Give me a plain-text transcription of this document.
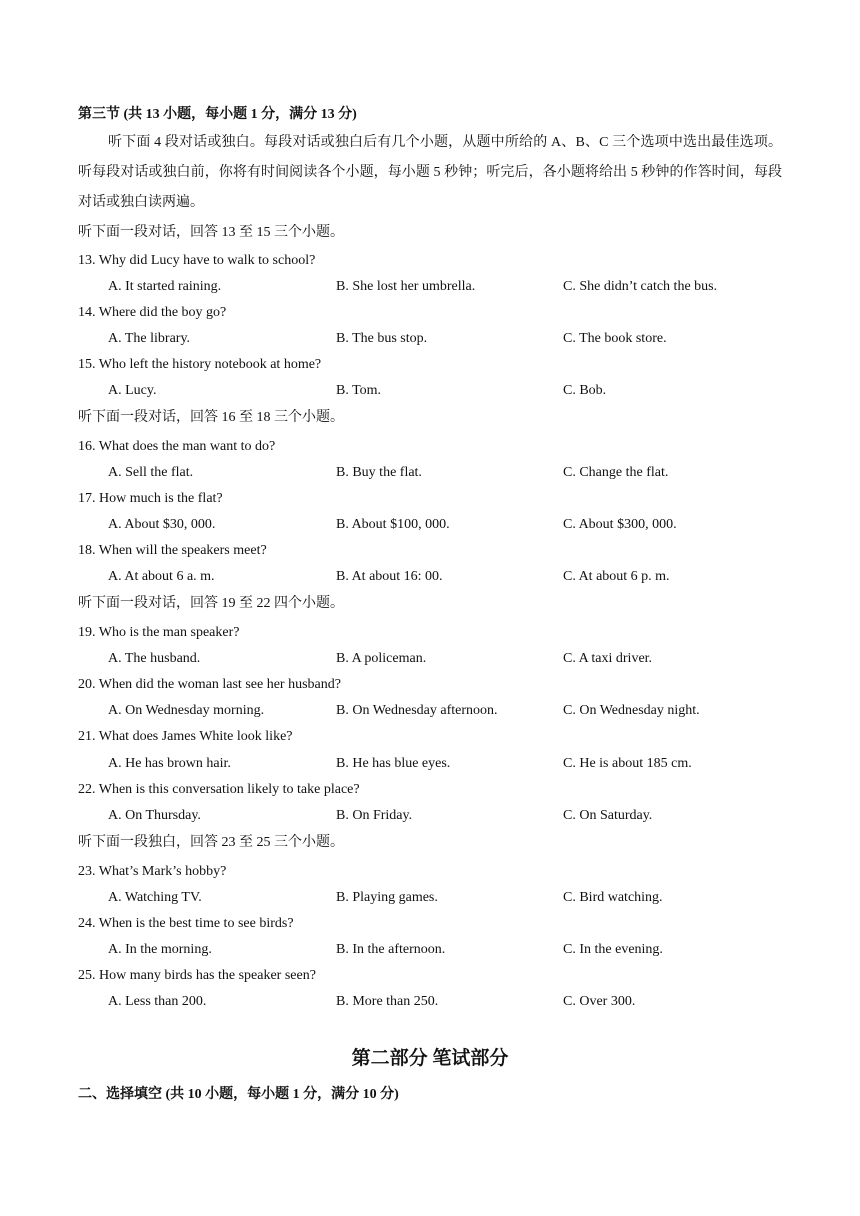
第三节 (共 13 小题，每小题 1 分，满分 13 分)
听下面 4 段对话或独白。每段对话或独白后有几个小题，从题中所给的 A、B、C 三个选项中选出最佳选项。听每段对话或独白前，你将有时间阅读各个小题，每小题 5 秒钟；听完后，各小题将给出 5 秒钟的作答时间，每段对话或独白读两遍。
听下面一段对话，回答 13 至 15 三个小题。
13. Why did Lucy have to walk to school?
A. It started raining.	B. She lost her umbrella.	C. She didn’t catch the bus.
14. Where did the boy go?
A. The library.	B. The bus stop.	C. The book store.
15. Who left the history notebook at home?
A. Lucy.	B. Tom.	C. Bob.
听下面一段对话，回答 16 至 18 三个小题。
16. What does the man want to do?
A. Sell the flat.	B. Buy the flat.	C. Change the flat.
17. How much is the flat?
A. About $30, 000.	B. About $100, 000.	C. About $300, 000.
18. When will the speakers meet?
A. At about 6 a. m.	B. At about 16: 00.	C. At about 6 p. m.
听下面一段对话，回答 19 至 22 四个小题。
19. Who is the man speaker?
A. The husband.	B. A policeman.	C. A taxi driver.
20. When did the woman last see her husband?
A. On Wednesday morning.	B. On Wednesday afternoon.	C. On Wednesday night.
21. What does James White look like?
A. He has brown hair.	B. He has blue eyes.	C. He is about 185 cm.
22. When is this conversation likely to take place?
A. On Thursday.	B. On Friday.	C. On Saturday.
听下面一段独白，回答 23 至 25 三个小题。
23. What’s Mark’s hobby?
A. Watching TV.	B. Playing games.	C. Bird watching.
24. When is the best time to see birds?
A. In the morning.	B. In the afternoon.	C. In the evening.
25. How many birds has the speaker seen?
A. Less than 200.	B. More than 250.	C. Over 300.
第二部分 笔试部分
二、选择填空 (共 10 小题，每小题 1 分，满分 10 分)
